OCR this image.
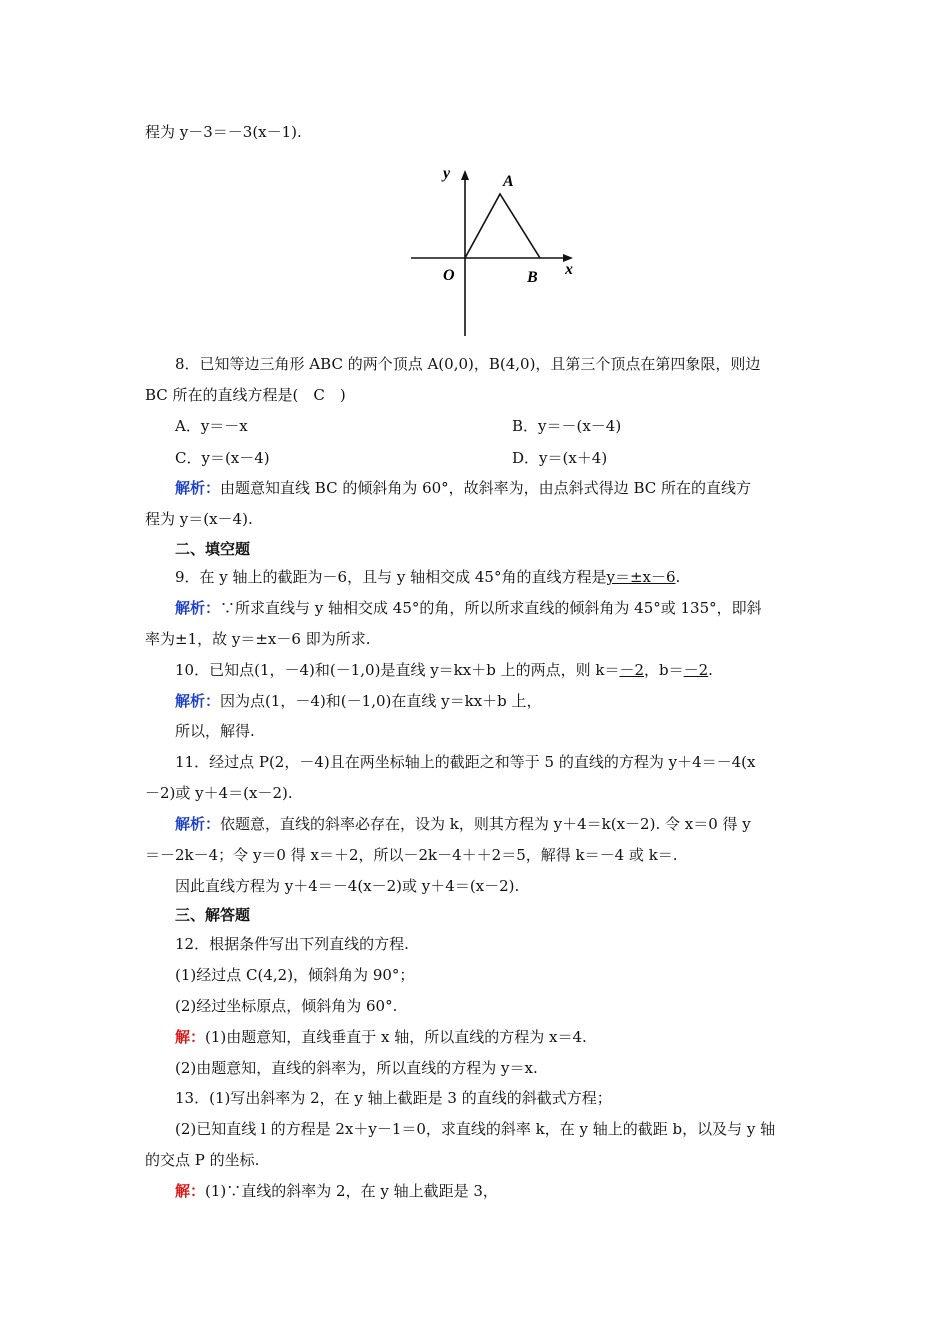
程为 y－3＝－3(x－1).
y	A
O	B x
8．已知等边三角形 ABC 的两个顶点 A(0,0)，B(4,0)，且第三个顶点在第四象限，则边
BC 所在的直线方程是(　C　)
A．y＝－x	B．y＝－(x－4)
C．y＝(x－4)	D．y＝(x＋4)
解析：由题意知直线 BC 的倾斜角为 60°，故斜率为，由点斜式得边 BC 所在的直线方
程为 y＝(x－4).
二、填空题
9．在 y 轴上的截距为－6，且与 y 轴相交成 45°角的直线方程是y＝±x－6.
解析：∵所求直线与 y 轴相交成 45°的角，所以所求直线的倾斜角为 45°或 135°，即斜
率为±1，故 y＝±x－6 即为所求.
10．已知点(1，－4)和(－1,0)是直线 y＝kx＋b 上的两点，则 k＝－2，b＝－2.
解析：因为点(1，－4)和(－1,0)在直线 y＝kx＋b 上，
所以，解得.
11．经过点 P(2，－4)且在两坐标轴上的截距之和等于 5 的直线的方程为 y＋4＝－4(x
－2)或 y＋4＝(x－2).
解析：依题意，直线的斜率必存在，设为 k，则其方程为 y＋4＝k(x－2). 令 x＝0 得 y
＝－2k－4；令 y＝0 得 x＝＋2，所以－2k－4＋＋2＝5，解得 k＝－4 或 k＝.
因此直线方程为 y＋4＝－4(x－2)或 y＋4＝(x－2).
三、解答题
12．根据条件写出下列直线的方程.
(1)经过点 C(4,2)，倾斜角为 90°；
(2)经过坐标原点，倾斜角为 60°.
解：(1)由题意知，直线垂直于 x 轴，所以直线的方程为 x＝4.
(2)由题意知，直线的斜率为，所以直线的方程为 y＝x.
13．(1)写出斜率为 2，在 y 轴上截距是 3 的直线的斜截式方程；
(2)已知直线 l 的方程是 2x＋y－1＝0，求直线的斜率 k，在 y 轴上的截距 b，以及与 y 轴
的交点 P 的坐标.
解：(1)∵直线的斜率为 2，在 y 轴上截距是 3，
